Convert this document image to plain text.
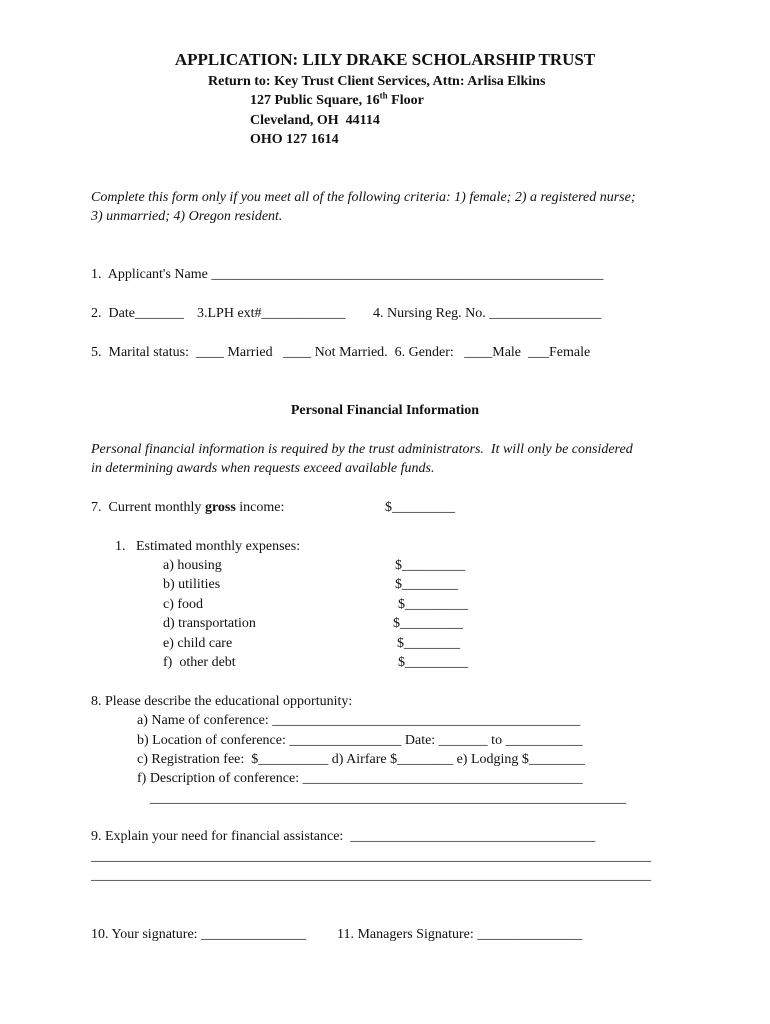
APPLICATION: LILY DRAKE SCHOLARSHIP TRUST
Return to: Key Trust Client Services, Attn: Arlisa Elkins
127 Public Square, 16th Floor
Cleveland, OH  44114
OHO 127 1614
Complete this form only if you meet all of the following criteria: 1) female; 2) a registered nurse;
3) unmarried; 4) Oregon resident.
1.  Applicant's Name ________________________________________________________
2.  Date_______ 3.LPH ext#____________ 4. Nursing Reg. No. ________________
5.  Marital status:  ____ Married   ____ Not Married.  6. Gender:   ____Male  ___Female
Personal Financial Information
Personal financial information is required by the trust administrators.  It will only be considered
in determining awards when requests exceed available funds.
7.  Current monthly gross income:	$_________
1.   Estimated monthly expenses:
a) housing	$_________
b) utilities	$________
c) food	$_________
d) transportation	$_________
e) child care	$________
f)  other debt	$_________
8. Please describe the educational opportunity:
a) Name of conference: ____________________________________________
b) Location of conference: ________________ Date: _______ to ___________
c) Registration fee:  $__________ d) Airfare $________ e) Lodging $________
f) Description of conference: ________________________________________
____________________________________________________________________
9. Explain your need for financial assistance:  ___________________________________
________________________________________________________________________________
________________________________________________________________________________
10. Your signature: _______________ 11. Managers Signature: _______________
